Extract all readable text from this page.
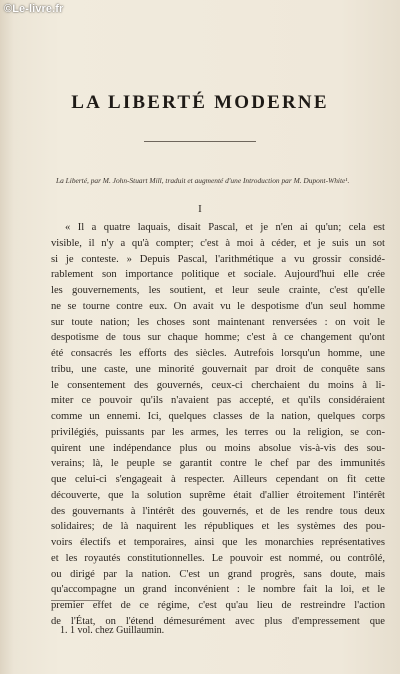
©Le-livre.fr
LA LIBERTÉ MODERNE
La Liberté, par M. John-Stuart Mill, traduit et augmenté d'une Introduction par M. Dupont-White¹.
I
« Il a quatre laquais, disait Pascal, et je n'en ai qu'un; cela est
visible, il n'y a qu'à compter; c'est à moi à céder, et je suis un sot
si je conteste. » Depuis Pascal, l'arithmétique a vu grossir considé-
rablement son importance politique et sociale. Aujourd'hui elle crée
les gouvernements, les soutient, et leur seule crainte, c'est qu'elle
ne se tourne contre eux. On avait vu le despotisme d'un seul homme
sur toute nation; les choses sont maintenant renversées : on voit le
despotisme de tous sur chaque homme; c'est à ce changement qu'ont
été consacrés les efforts des siècles. Autrefois lorsqu'un homme, une
tribu, une caste, une minorité gouvernait par droit de conquête sans
le consentement des gouvernés, ceux-ci cherchaient du moins à li-
miter ce pouvoir qu'ils n'avaient pas accepté, et qu'ils considéraient
comme un ennemi. Ici, quelques classes de la nation, quelques corps
privilégiés, puissants par les armes, les terres ou la religion, se con-
quirent une indépendance plus ou moins absolue vis-à-vis des sou-
verains; là, le peuple se garantit contre le chef par des immunités
que celui-ci s'engageait à respecter. Ailleurs cependant on fit cette
découverte, que la solution suprême était d'allier étroitement l'intérêt
des gouvernants à l'intérêt des gouvernés, et de les rendre tous deux
solidaires; de là naquirent les républiques et les systèmes des pou-
voirs électifs et temporaires, ainsi que les monarchies représentatives
et les royautés constitutionnelles. Le pouvoir est nommé, ou contrôlé,
ou dirigé par la nation. C'est un grand progrès, sans doute, mais
qu'accompagne un grand inconvénient : le nombre fait la loi, et le
premier effet de ce régime, c'est qu'au lieu de restreindre l'action
de l'État, on l'étend démesurément avec plus d'empressement que
1. 1 vol. chez Guillaumin.
